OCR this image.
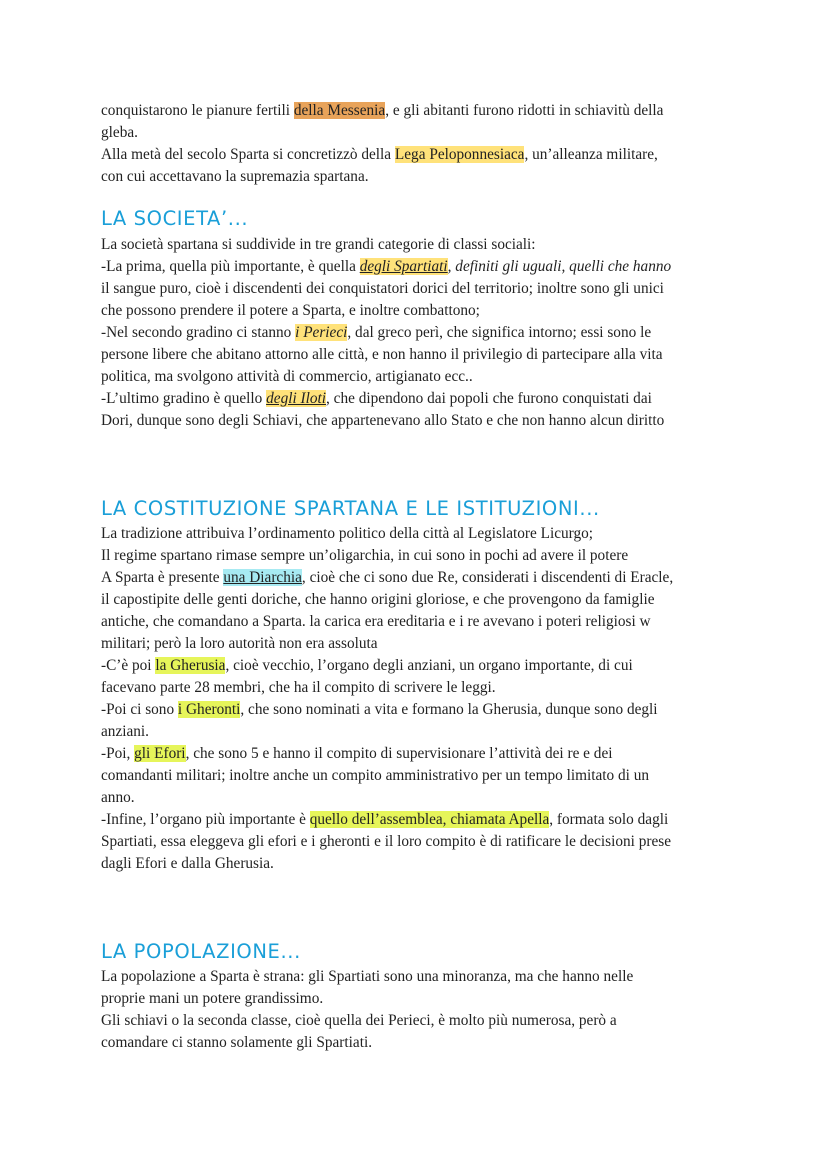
conquistarono le pianure fertili della Messenia, e gli abitanti furono ridotti in schiavitù della

gleba.

Alla metà del secolo Sparta si concretizzò della Lega Peloponnesiaca, un’alleanza militare,

con cui accettavano la supremazia spartana.

LA SOCIETA’...

La società spartana si suddivide in tre grandi categorie di classi sociali:

-La prima, quella più importante, è quella degli Spartiati, definiti gli uguali, quelli che hanno

il sangue puro, cioè i discendenti dei conquistatori dorici del territorio; inoltre sono gli unici

che possono prendere il potere a Sparta, e inoltre combattono;

-Nel secondo gradino ci stanno i Perieci, dal greco perì, che significa intorno; essi sono le

persone libere che abitano attorno alle città, e non hanno il privilegio di partecipare alla vita

politica, ma svolgono attività di commercio, artigianato ecc..

-L’ultimo gradino è quello degli Iloti, che dipendono dai popoli che furono conquistati dai

Dori, dunque sono degli Schiavi, che appartenevano allo Stato e che non hanno alcun diritto

LA COSTITUZIONE SPARTANA E LE ISTITUZIONI...

La tradizione attribuiva l’ordinamento politico della città al Legislatore Licurgo;

Il regime spartano rimase sempre un’oligarchia, in cui sono in pochi ad avere il potere

A Sparta è presente una Diarchia, cioè che ci sono due Re, considerati i discendenti di Eracle,

il capostipite delle genti doriche, che hanno origini gloriose, e che provengono da famiglie

antiche, che comandano a Sparta. la carica era ereditaria e i re avevano i poteri religiosi w

militari; però la loro autorità non era assoluta

-C’è poi la Gherusia, cioè vecchio, l’organo degli anziani, un organo importante, di cui

facevano parte 28 membri, che ha il compito di scrivere le leggi.

-Poi ci sono i Gheronti, che sono nominati a vita e formano la Gherusia, dunque sono degli

anziani.

-Poi, gli Efori, che sono 5 e hanno il compito di supervisionare l’attività dei re e dei

comandanti militari; inoltre anche un compito amministrativo per un tempo limitato di un

anno.

-Infine, l’organo più importante è quello dell’assemblea, chiamata Apella, formata solo dagli

Spartiati, essa eleggeva gli efori e i gheronti e il loro compito è di ratificare le decisioni prese

dagli Efori e dalla Gherusia.

LA POPOLAZIONE...

La popolazione a Sparta è strana: gli Spartiati sono una minoranza, ma che hanno nelle

proprie mani un potere grandissimo.

Gli schiavi o la seconda classe, cioè quella dei Perieci, è molto più numerosa, però a

comandare ci stanno solamente gli Spartiati.
